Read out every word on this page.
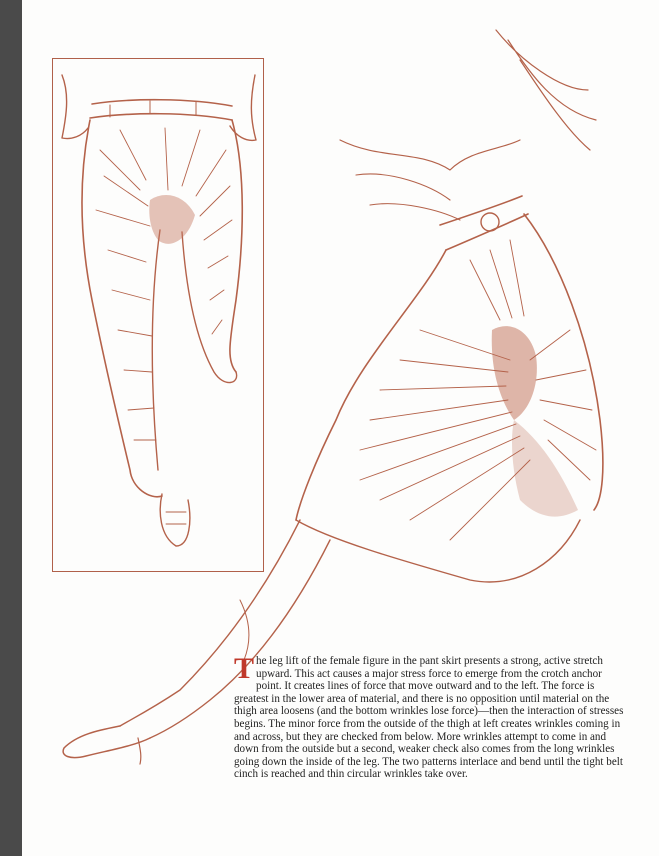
The leg lift of the female figure in the pant skirt presents a strong, active stretch upward. This act causes a major stress force to emerge from the crotch anchor point. It creates lines of force that move outward and to the left. The force is greatest in the lower area of material, and there is no opposition until material on the thigh area loosens (and the bottom wrinkles lose force)—then the interaction of stresses begins. The minor force from the outside of the thigh at left creates wrinkles coming in and across, but they are checked from below. More wrinkles attempt to come in and down from the outside but a second, weaker check also comes from the long wrinkles going down the inside of the leg. The two patterns interlace and bend until the tight belt cinch is reached and thin circular wrinkles take over.
